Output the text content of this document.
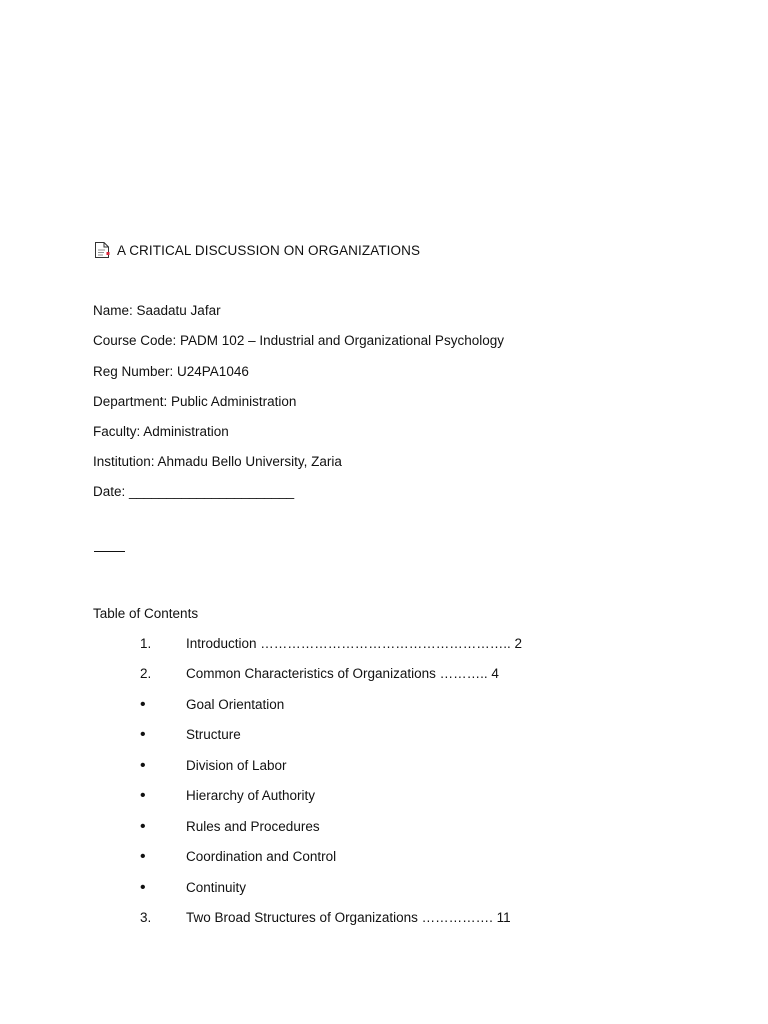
A CRITICAL DISCUSSION ON ORGANIZATIONS
Name: Saadatu Jafar
Course Code: PADM 102 – Industrial and Organizational Psychology
Reg Number: U24PA1046
Department: Public Administration
Faculty: Administration
Institution: Ahmadu Bello University, Zaria
Date: ______________________
Table of Contents
1.	Introduction ……………………………………………….. 2
2.	Common Characteristics of Organizations ……….. 4
•	Goal Orientation
•	Structure
•	Division of Labor
•	Hierarchy of Authority
•	Rules and Procedures
•	Coordination and Control
•	Continuity
3.	Two Broad Structures of Organizations ……………. 11
